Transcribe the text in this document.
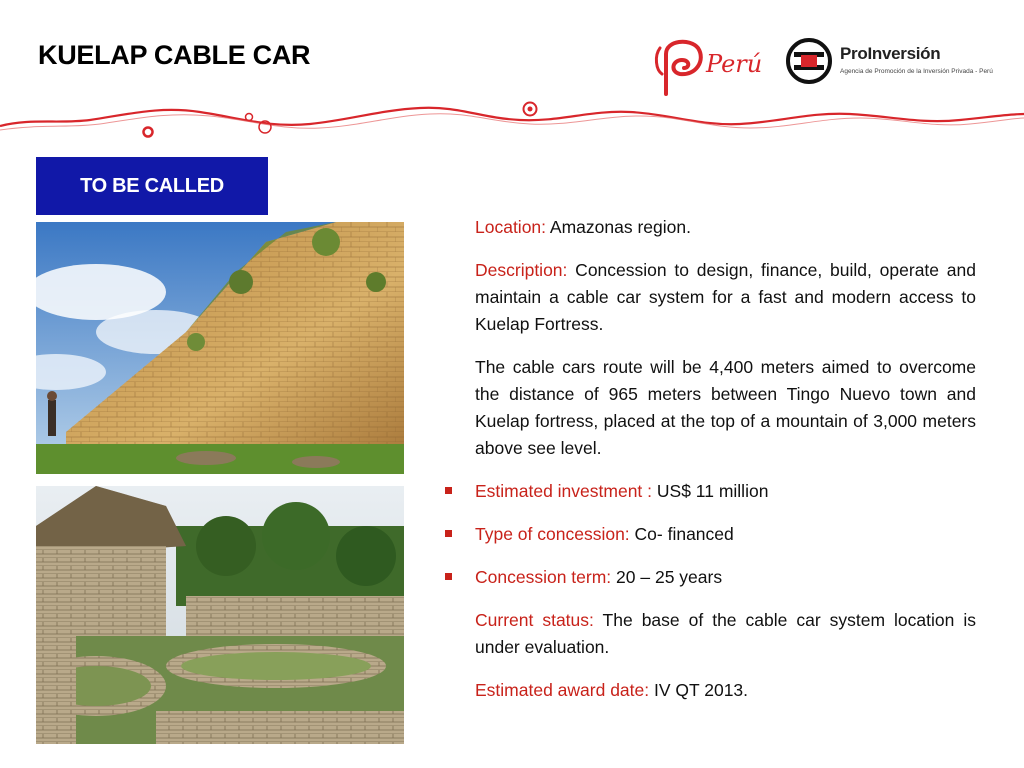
KUELAP CABLE CAR	Perú	ProInversión
Agencia de Promoción de la Inversión Privada - Perú
TO BE CALLED

Location: Amazonas region.

Description: Concession to design, finance, build, operate and maintain a cable car system for a fast and modern access to Kuelap Fortress.

The cable cars route will be 4,400 meters aimed to overcome the distance of 965 meters between Tingo Nuevo town and Kuelap fortress, placed at the top of a mountain of 3,000 meters above see level.

Estimated investment : US$ 11 million

Type of concession: Co- financed

Concession term: 20 – 25 years

Current status: The base of the cable car system location is under evaluation.

Estimated award date: IV QT 2013.
